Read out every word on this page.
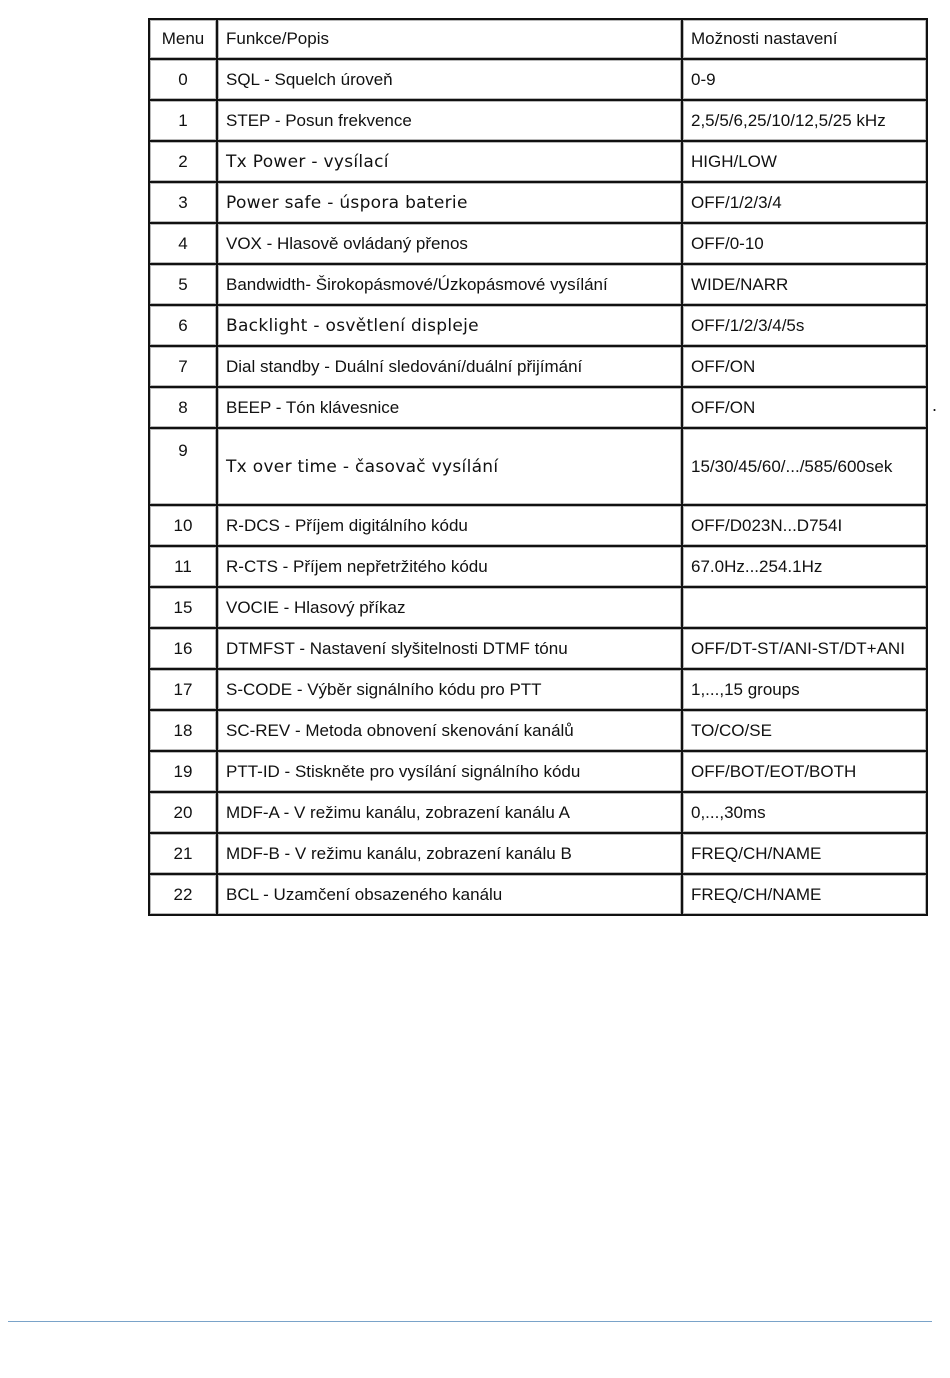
Menu	Funkce/Popis	Možnosti nastavení
0	SQL - Squelch úroveň	0-9
1	STEP - Posun frekvence	2,5/5/6,25/10/12,5/25 kHz
2	Tx Power - vysílací	HIGH/LOW
3	Power safe - úspora baterie	OFF/1/2/3/4
4	VOX - Hlasově ovládaný přenos	OFF/0-10
5	Bandwidth- Širokopásmové/Úzkopásmové vysílání	WIDE/NARR
6	Backlight - osvětlení displeje	OFF/1/2/3/4/5s
7	Dial standby - Duální sledování/duální přijímání	OFF/ON
8	BEEP - Tón klávesnice	OFF/ON
9	Tx over time - časovač vysílání	15/30/45/60/.../585/600sek
10	R-DCS - Příjem digitálního kódu	OFF/D023N...D754I
11	R-CTS - Příjem nepřetržitého kódu	67.0Hz...254.1Hz
15	VOCIE - Hlasový příkaz	
16	DTMFST - Nastavení slyšitelnosti DTMF tónu	OFF/DT-ST/ANI-ST/DT+ANI
17	S-CODE - Výběr signálního kódu pro PTT	1,...,15 groups
18	SC-REV - Metoda obnovení skenování kanálů	TO/CO/SE
19	PTT-ID - Stiskněte pro vysílání signálního kódu	OFF/BOT/EOT/BOTH
20	MDF-A - V režimu kanálu, zobrazení kanálu A	0,...,30ms
21	MDF-B - V režimu kanálu, zobrazení kanálu B	FREQ/CH/NAME
22	BCL - Uzamčení obsazeného kanálu	FREQ/CH/NAME
.
